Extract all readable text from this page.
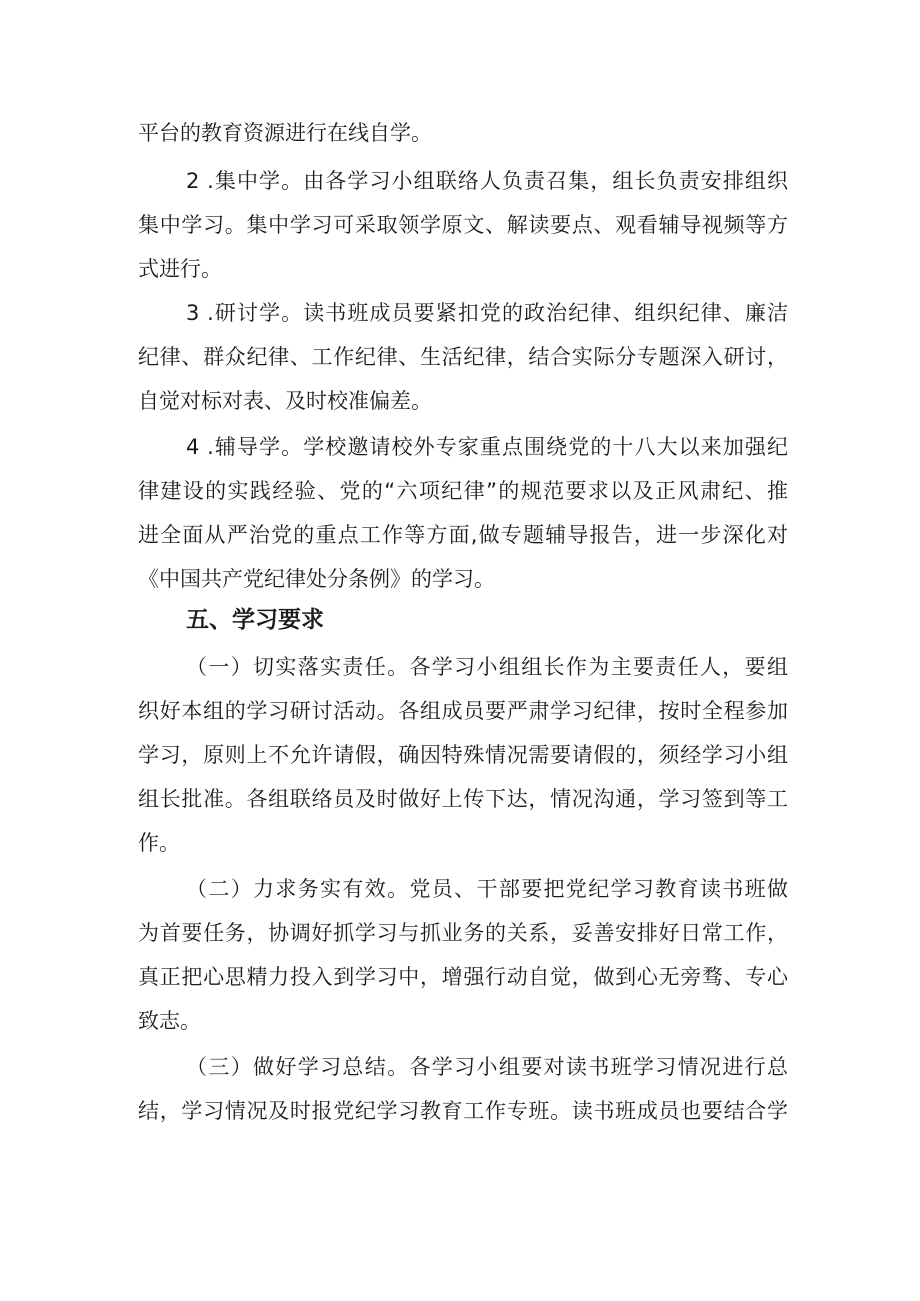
平台的教育资源进行在线自学。
2 .集中学。由各学习小组联络人负责召集，组长负责安排组织
集中学习。集中学习可采取领学原文、解读要点、观看辅导视频等方
式进行。
3 .研讨学。读书班成员要紧扣党的政治纪律、组织纪律、廉洁
纪律、群众纪律、工作纪律、生活纪律，结合实际分专题深入研讨，
自觉对标对表、及时校准偏差。
4 .辅导学。学校邀请校外专家重点围绕党的十八大以来加强纪
律建设的实践经验、党的“六项纪律”的规范要求以及正风肃纪、推
进全面从严治党的重点工作等方面,做专题辅导报告，进一步深化对
《中国共产党纪律处分条例》的学习。
五、学习要求
（一）切实落实责任。各学习小组组长作为主要责任人，要组
织好本组的学习研讨活动。各组成员要严肃学习纪律，按时全程参加
学习，原则上不允许请假，确因特殊情况需要请假的，须经学习小组
组长批准。各组联络员及时做好上传下达，情况沟通，学习签到等工
作。
（二）力求务实有效。党员、干部要把党纪学习教育读书班做
为首要任务，协调好抓学习与抓业务的关系，妥善安排好日常工作，
真正把心思精力投入到学习中，增强行动自觉，做到心无旁骛、专心
致志。
（三）做好学习总结。各学习小组要对读书班学习情况进行总
结，学习情况及时报党纪学习教育工作专班。读书班成员也要结合学
